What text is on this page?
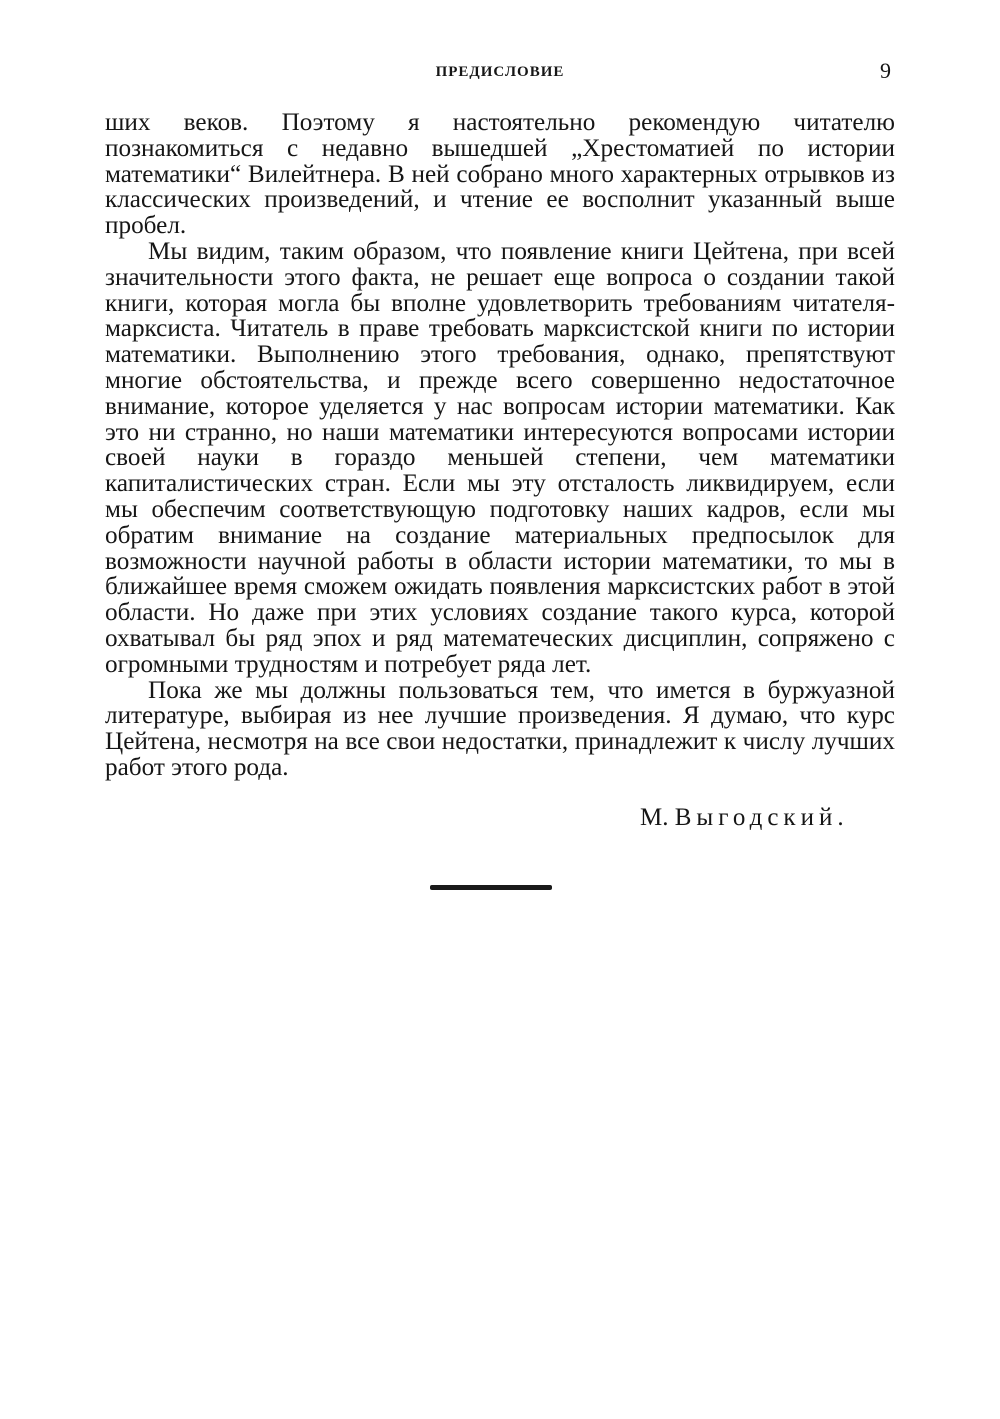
ПРЕДИСЛОВИЕ	9

ших веков. Поэтому я настоятельно рекомендую читателю познакомиться с недавно вышедшей „Хрестоматией по истории математики“ Вилейтнера. В ней собрано много характерных отрывков из классических произведений, и чтение ее восполнит указанный выше пробел.

Мы видим, таким образом, что появление книги Цейтена, при всей значительности этого факта, не решает еще вопроса о создании такой книги, которая могла бы вполне удовлетворить требованиям читателя-марксиста. Читатель в праве требовать марксистской книги по истории математики. Выполнению этого требования, однако, препятствуют многие обстоятельства, и прежде всего совершенно недостаточное внимание, которое уделяется у нас вопросам истории математики. Как это ни странно, но наши математики интересуются вопросами истории своей науки в гораздо меньшей степени, чем математики капиталистических стран. Если мы эту отсталость ликвидируем, если мы обеспечим соответствующую подготовку наших кадров, если мы обратим внимание на создание материальных предпосылок для возможности научной работы в области истории математики, то мы в ближайшее время сможем ожидать появления марксистских работ в этой области. Но даже при этих условиях создание такого курса, которой охватывал бы ряд эпох и ряд математеческих дисциплин, сопряжено с огромными трудностям и потребует ряда лет.

Пока же мы должны пользоваться тем, что имется в буржуазной литературе, выбирая из нее лучшие произведения. Я думаю, что курс Цейтена, несмотря на все свои недостатки, принадлежит к числу лучших работ этого рода.

М. Выгодский.
